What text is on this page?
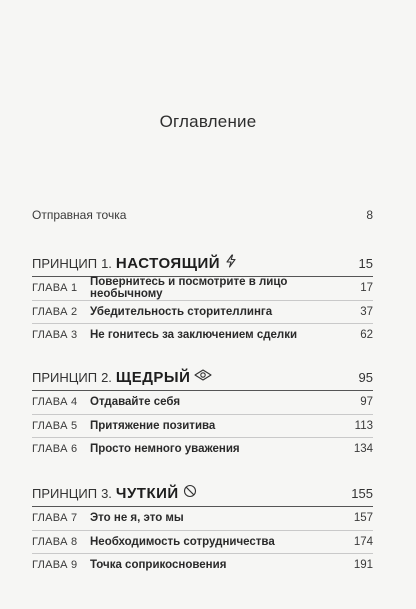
Оглавление
Отправная точка	8
ПРИНЦИП 1. НАСТОЯЩИЙ	15
ГЛАВА 1	Повернитесь и посмотрите в лицо необычному	17
ГЛАВА 2	Убедительность сторителлинга	37
ГЛАВА 3	Не гонитесь за заключением сделки	62
ПРИНЦИП 2. ЩЕДРЫЙ	95
ГЛАВА 4	Отдавайте себя	97
ГЛАВА 5	Притяжение позитива	113
ГЛАВА 6	Просто немного уважения	134
ПРИНЦИП 3. ЧУТКИЙ	155
ГЛАВА 7	Это не я, это мы	157
ГЛАВА 8	Необходимость сотрудничества	174
ГЛАВА 9	Точка соприкосновения	191
